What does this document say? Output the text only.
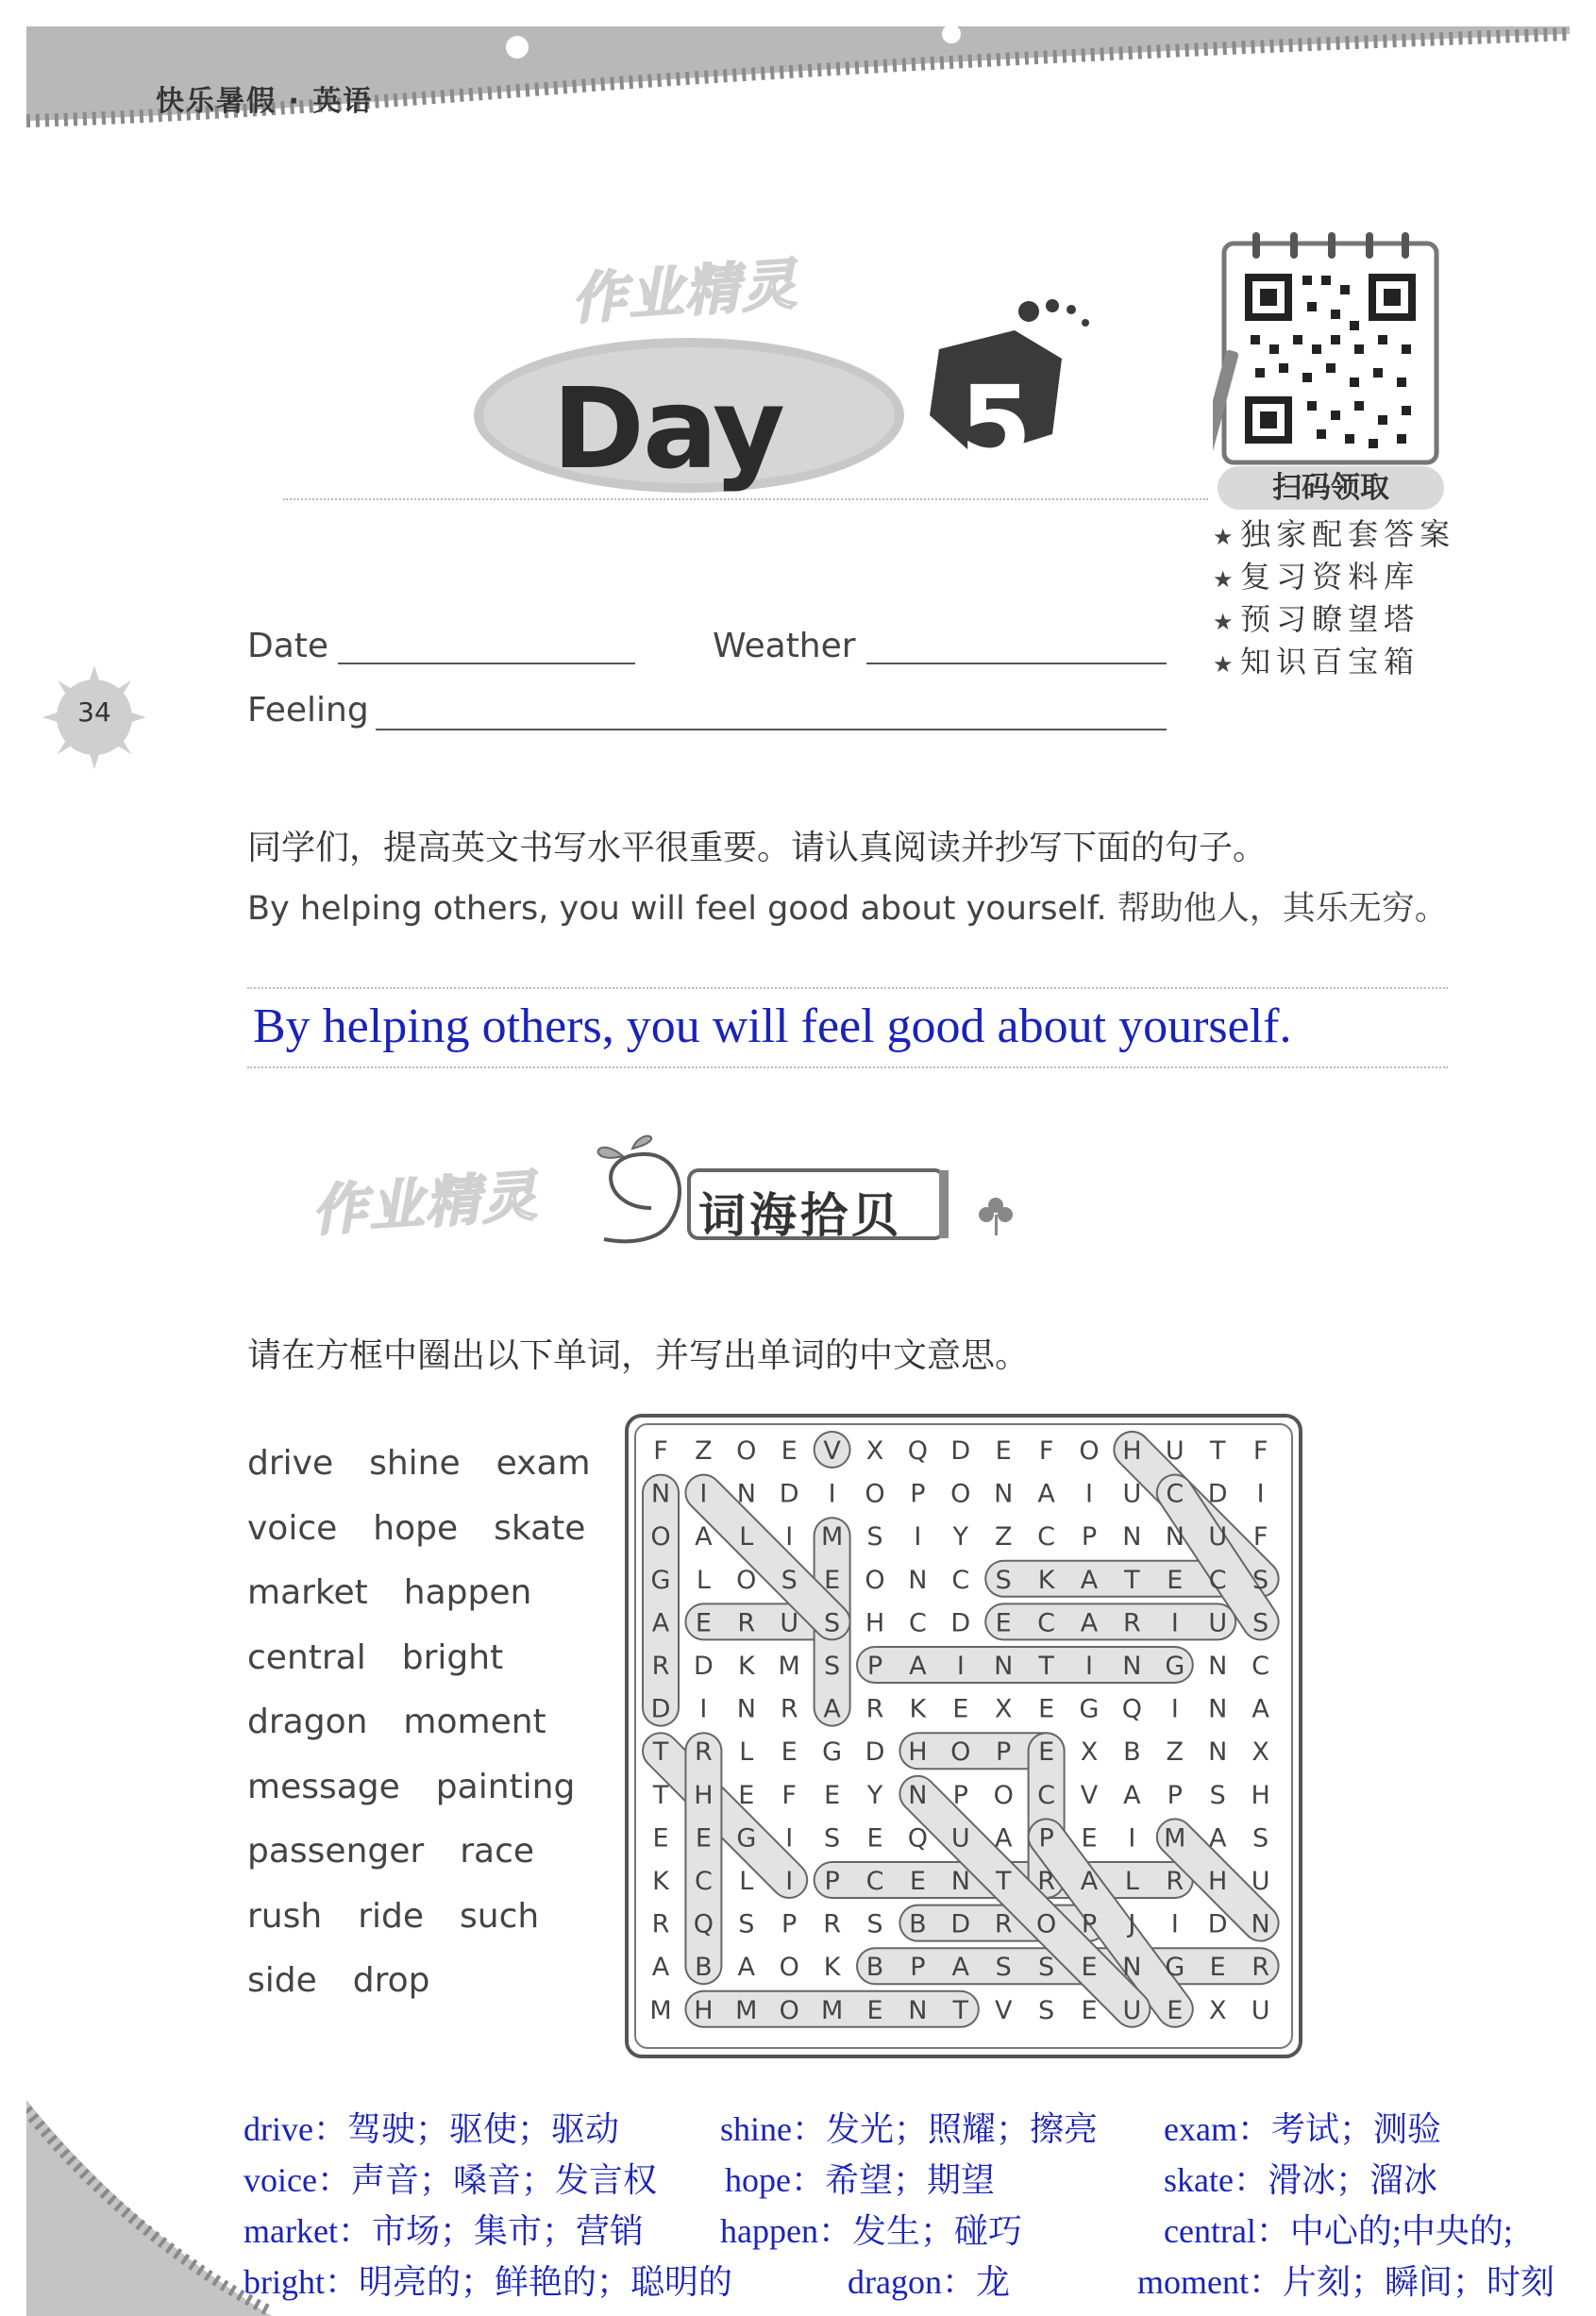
快乐暑假 · 英语
作业精灵
作业精灵
Day 5
扫码领取
★ 独家配套答案
★ 复习资料库
★ 预习瞭望塔
★ 知识百宝箱
34
Date	Weather
Feeling
同学们，提高英文书写水平很重要。请认真阅读并抄写下面的句子。
By helping others, you will feel good about yourself. 帮助他人，其乐无穷。
By helping others, you will feel good about yourself.
词海拾贝
请在方框中圈出以下单词，并写出单词的中文意思。
drive shine exam
voice hope skate
market happen
central bright
dragon moment
message painting
passenger race
rush ride such
side drop
F Z O E V X Q D E F O H U T F
N I N D I O P O N A I U C D I
O A L I M S I Y Z C P N N U F
G L O S E O N C S K A T E C S
A E R U S H C D E C A R I U S
R D K M S P A I N T I N G N C
D I N R A R K E X E G Q I N A
T R L E G D H O P E X B Z N X
T H E F E Y N P O C V A P S H
E E G I S E Q U A P E I M A S
K C L I P C E N T R A L R H U
R Q S P R S B D R O P J I D N
A B A O K B P A S S E N G E R
M H M O M E N T V S E U E X U
drive：驾驶；驱使；驱动	shine：发光；照耀；擦亮 exam：考试；测验
voice：声音；嗓音；发言权 hope：希望；期望	skate：滑冰；溜冰
market：市场；集市；营销 happen：发生；碰巧	central：中心的;中央的;
bright：明亮的；鲜艳的；聪明的	dragon：龙	moment：片刻；瞬间；时刻
